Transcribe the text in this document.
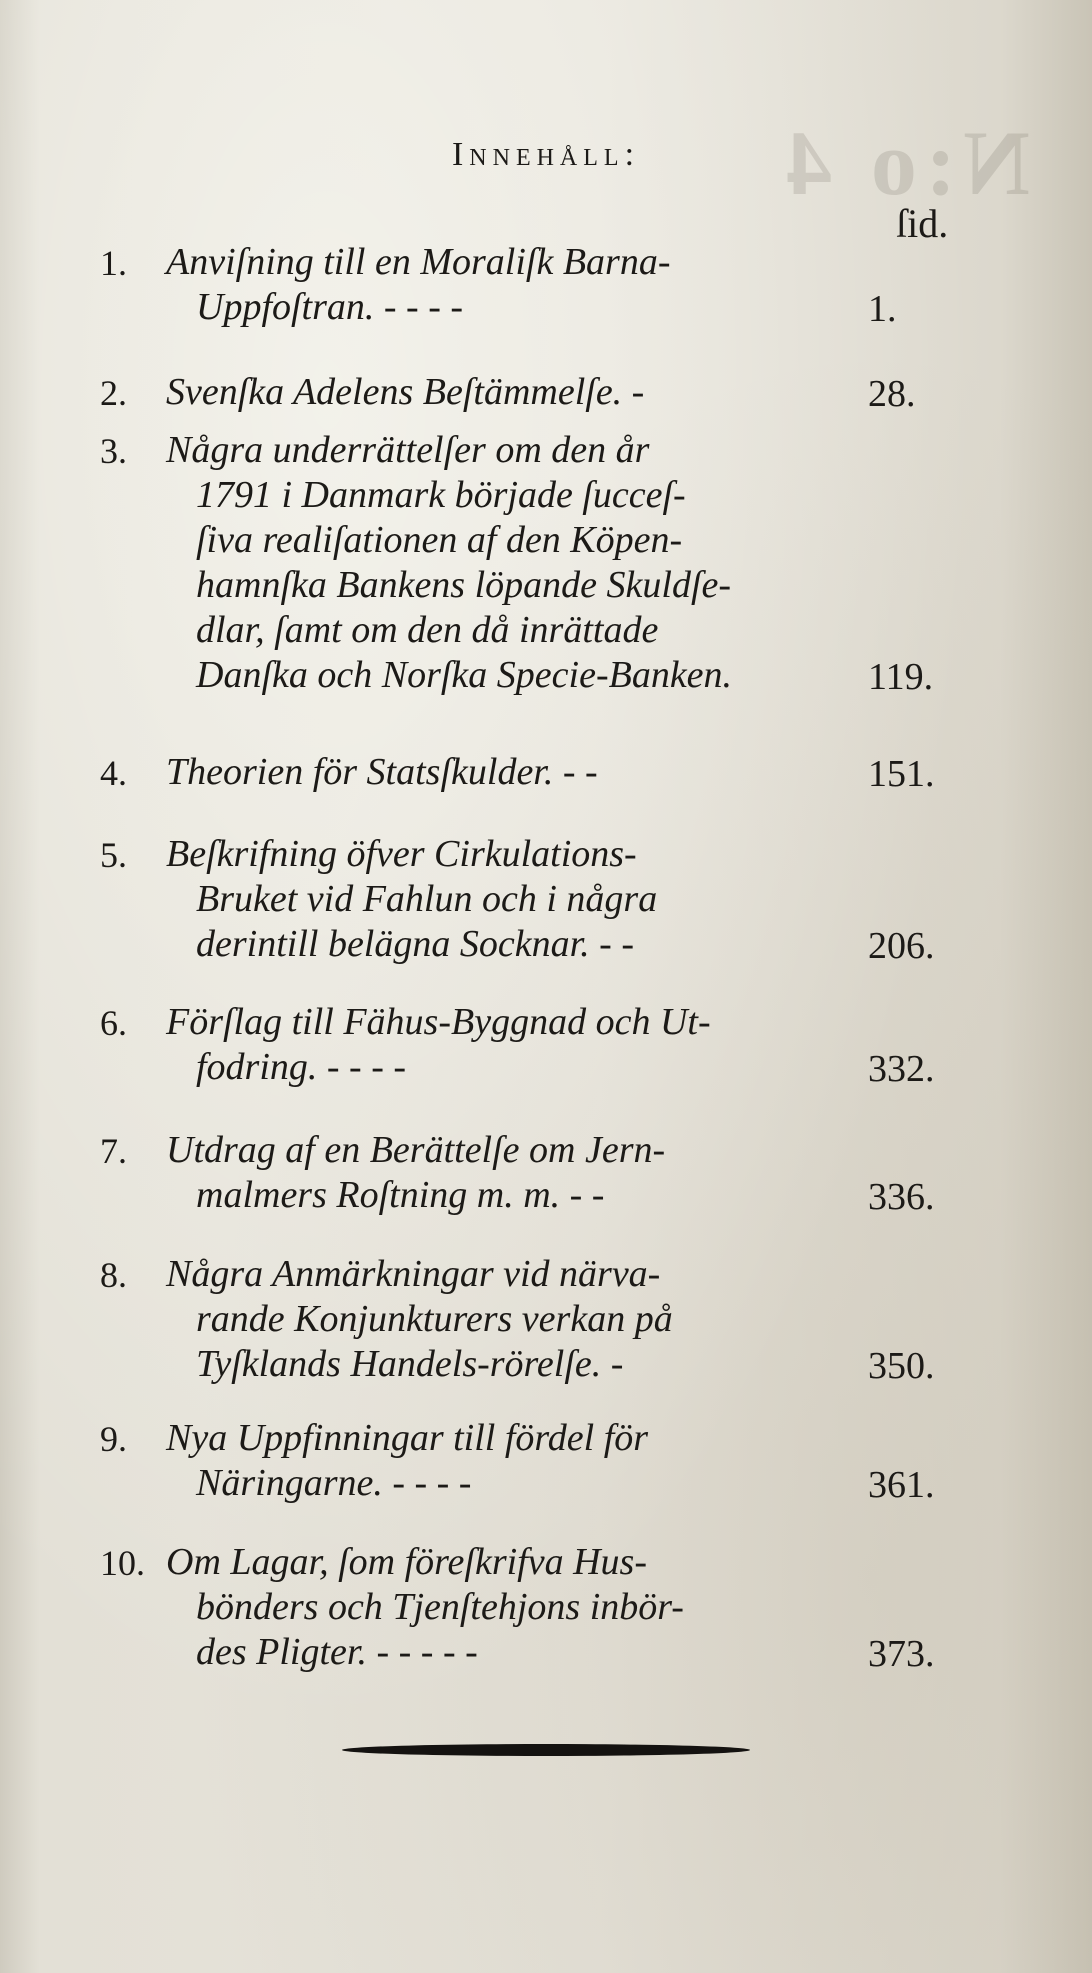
N:o 4
Innehåll:
ſid.
1. Anviſning till en Moraliſk Barna-
Uppfoſtran. - - - -	1.
2. Svenſka Adelens Beſtämmelſe. -	28.
3. Några underrättelſer om den år
1791 i Danmark började ſucceſ-
ſiva realiſationen af den Köpen-
hamnſka Bankens löpande Skuldſe-
dlar, ſamt om den då inrättade
Danſka och Norſka Specie-Banken.	119.
4. Theorien för Statsſkulder. - -	151.
5. Beſkrifning öfver Cirkulations-
Bruket vid Fahlun och i några
derintill belägna Socknar. - -	206.
6. Förſlag till Fähus-Byggnad och Ut-
fodring. - - - -	332.
7. Utdrag af en Berättelſe om Jern-
malmers Roſtning m. m. - -	336.
8. Några Anmärkningar vid närva-
rande Konjunkturers verkan på
Tyſklands Handels-rörelſe. -	350.
9. Nya Uppfinningar till fördel för
Näringarne. - - - -	361.
10. Om Lagar, ſom föreſkrifva Hus-
bönders och Tjenſtehjons inbör-
des Pligter. - - - - -	373.
